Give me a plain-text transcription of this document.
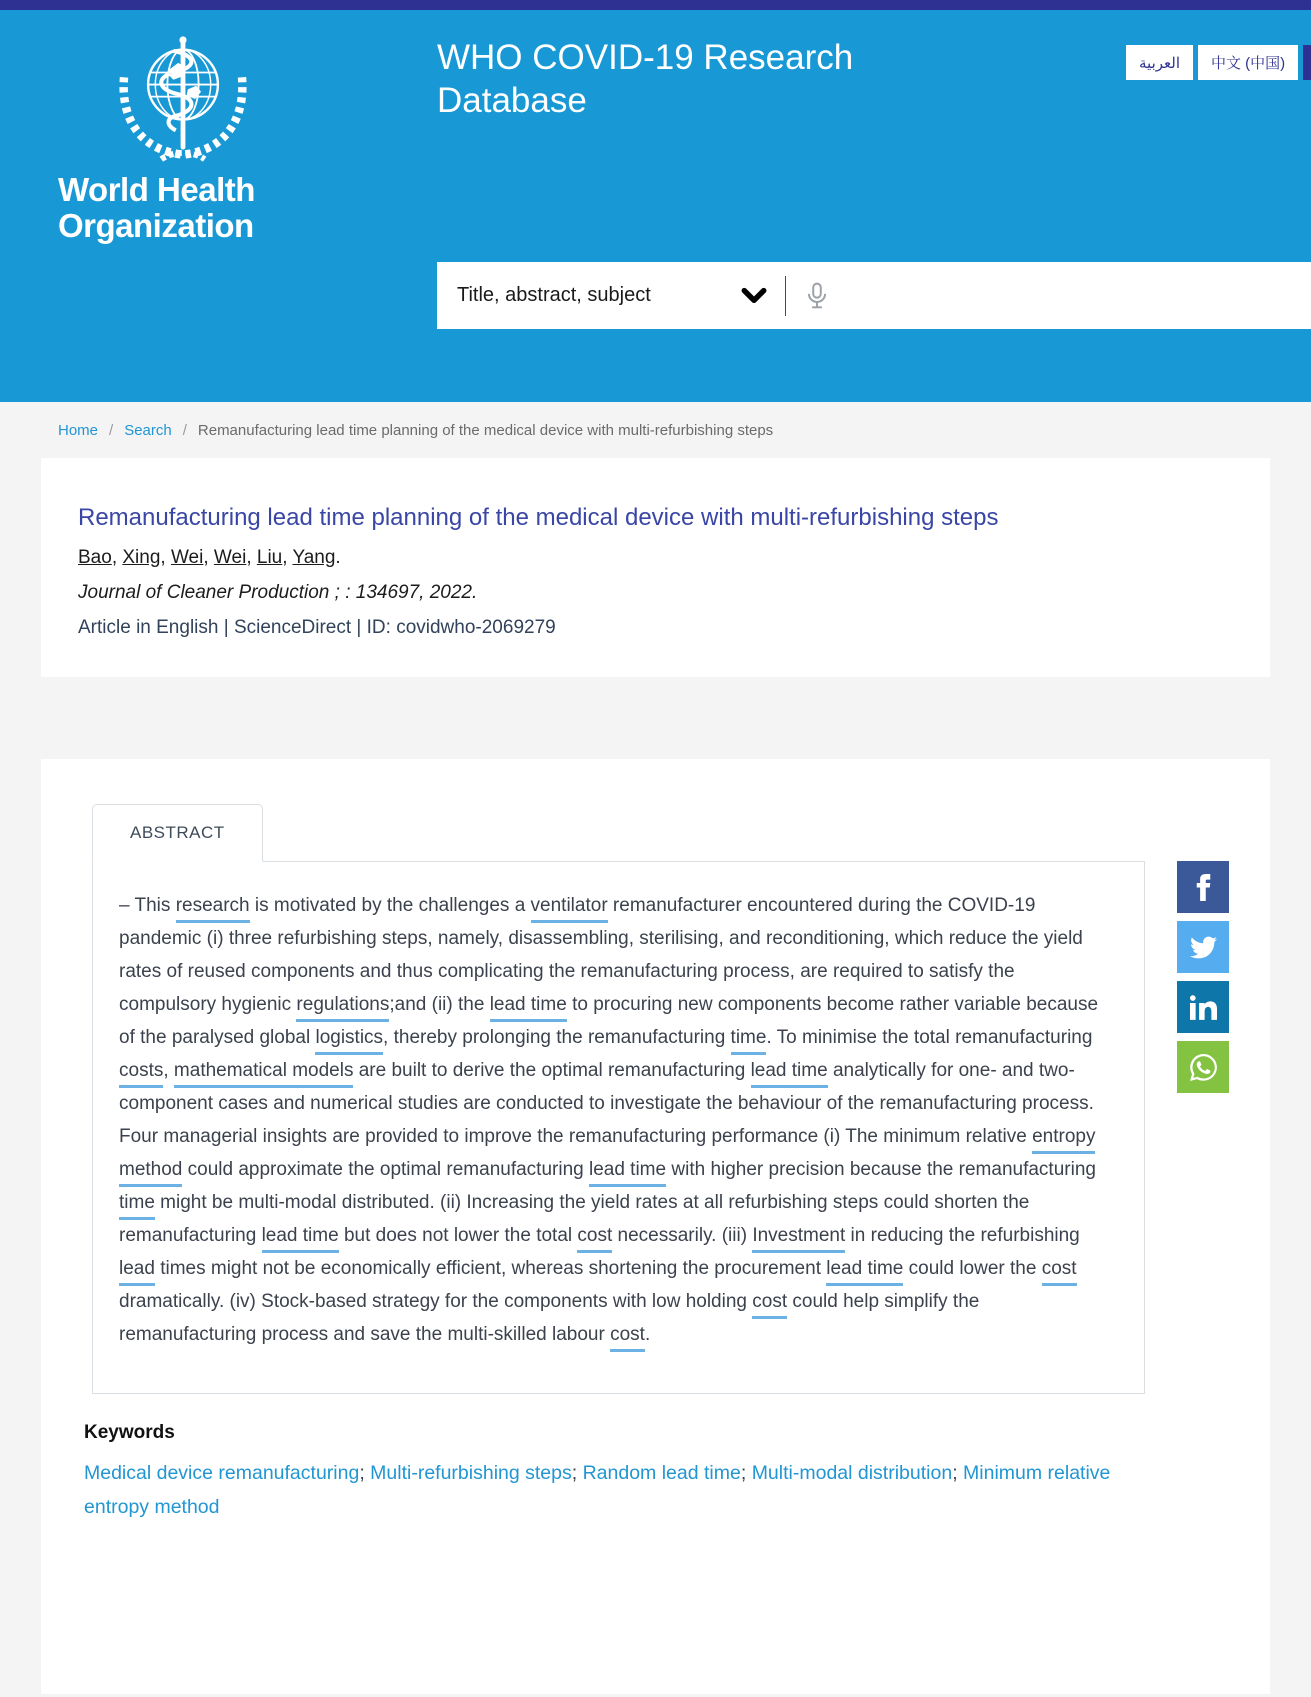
World Health
Organization
WHO COVID-19 Research Database
العربية	中文 (中国)
Title, abstract, subject
Home / Search / Remanufacturing lead time planning of the medical device with multi-refurbishing steps
Remanufacturing lead time planning of the medical device with multi-refurbishing steps
Bao, Xing, Wei, Wei, Liu, Yang.
Journal of Cleaner Production ; : 134697, 2022.
Article in English | ScienceDirect | ID: covidwho-2069279
ABSTRACT
– This research is motivated by the challenges a ventilator remanufacturer encountered during the COVID-19 pandemic (i) three refurbishing steps, namely, disassembling, sterilising, and reconditioning, which reduce the yield rates of reused components and thus complicating the remanufacturing process, are required to satisfy the compulsory hygienic regulations;and (ii) the lead time to procuring new components become rather variable because of the paralysed global logistics, thereby prolonging the remanufacturing time. To minimise the total remanufacturing costs, mathematical models are built to derive the optimal remanufacturing lead time analytically for one- and two-component cases and numerical studies are conducted to investigate the behaviour of the remanufacturing process. Four managerial insights are provided to improve the remanufacturing performance (i) The minimum relative entropy method could approximate the optimal remanufacturing lead time with higher precision because the remanufacturing time might be multi-modal distributed. (ii) Increasing the yield rates at all refurbishing steps could shorten the remanufacturing lead time but does not lower the total cost necessarily. (iii) Investment in reducing the refurbishing lead times might not be economically efficient, whereas shortening the procurement lead time could lower the cost dramatically. (iv) Stock-based strategy for the components with low holding cost could help simplify the remanufacturing process and save the multi-skilled labour cost.
Keywords
Medical device remanufacturing; Multi-refurbishing steps; Random lead time; Multi-modal distribution; Minimum relative entropy method
